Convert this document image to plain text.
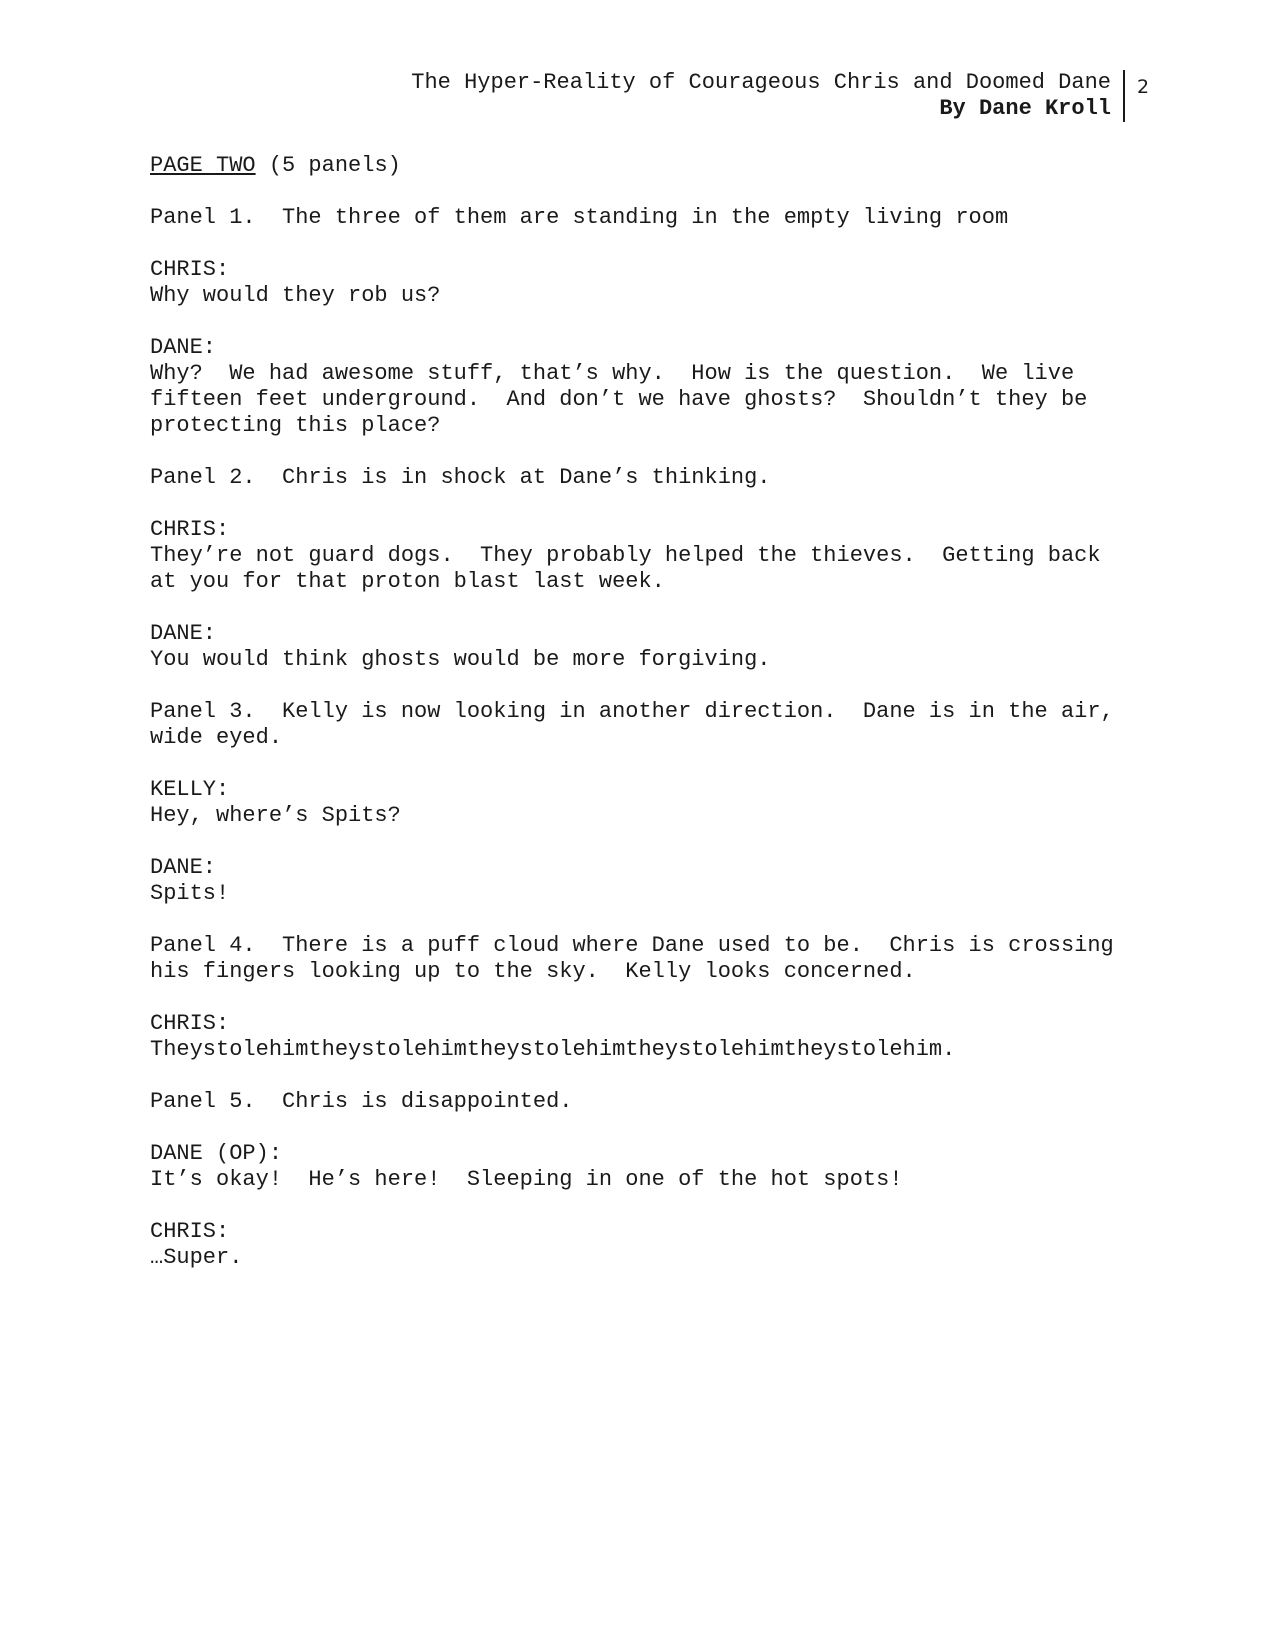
The Hyper-Reality of Courageous Chris and Doomed Dane
By Dane Kroll
2

PAGE TWO (5 panels)

Panel 1.  The three of them are standing in the empty living room

CHRIS:
Why would they rob us?

DANE:
Why?  We had awesome stuff, that’s why.  How is the question.  We live fifteen feet underground.  And don’t we have ghosts?  Shouldn’t they be protecting this place?

Panel 2.  Chris is in shock at Dane’s thinking.

CHRIS:
They’re not guard dogs.  They probably helped the thieves.  Getting back at you for that proton blast last week.

DANE:
You would think ghosts would be more forgiving.

Panel 3.  Kelly is now looking in another direction.  Dane is in the air, wide eyed.

KELLY:
Hey, where’s Spits?

DANE:
Spits!

Panel 4.  There is a puff cloud where Dane used to be.  Chris is crossing his fingers looking up to the sky.  Kelly looks concerned.

CHRIS:
Theystolehimtheystolehimtheystolehimtheystolehimtheystolehim.

Panel 5.  Chris is disappointed.

DANE (OP):
It’s okay!  He’s here!  Sleeping in one of the hot spots!

CHRIS:
…Super.
